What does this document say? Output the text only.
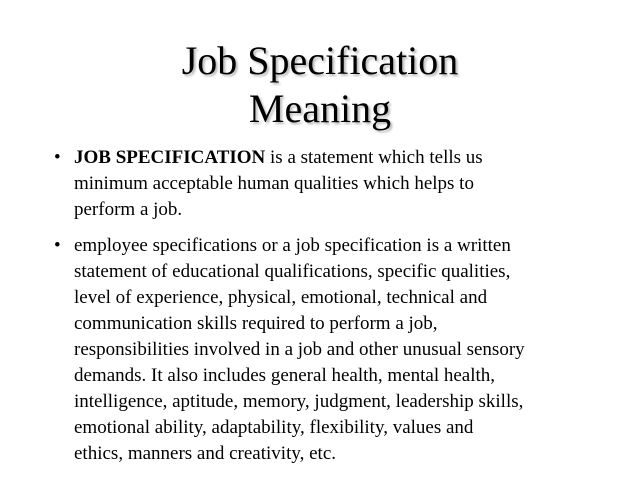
Job Specification
Meaning
• JOB SPECIFICATION is a statement which tells us
minimum acceptable human qualities which helps to
perform a job.
• employee specifications or a job specification is a written
statement of educational qualifications, specific qualities,
level of experience, physical, emotional, technical and
communication skills required to perform a job,
responsibilities involved in a job and other unusual sensory
demands. It also includes general health, mental health,
intelligence, aptitude, memory, judgment, leadership skills,
emotional ability, adaptability, flexibility, values and
ethics, manners and creativity, etc.
